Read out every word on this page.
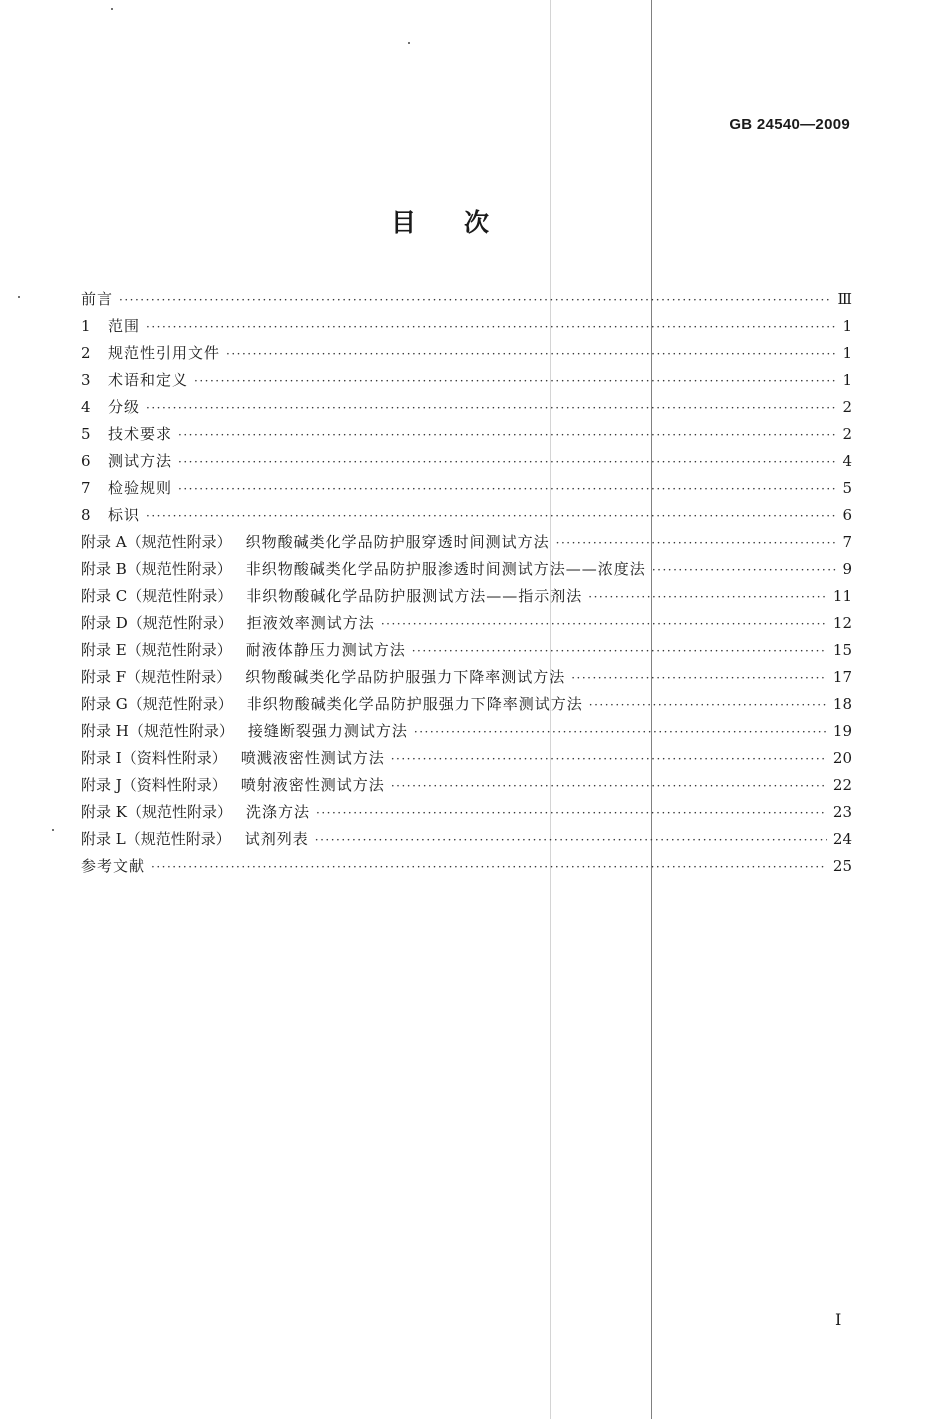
GB 24540—2009
目次
前言 ·····	Ⅲ
1	范围 ·····	1
2	规范性引用文件 ·····	1
3	术语和定义 ·····	1
4	分级 ·····	2
5	技术要求 ·····	2
6	测试方法 ·····	4
7	检验规则 ·····	5
8	标识 ·····	6
附录 A（规范性附录） 织物酸碱类化学品防护服穿透时间测试方法 ·····	7
附录 B（规范性附录） 非织物酸碱类化学品防护服渗透时间测试方法——浓度法 ·····	9
附录 C（规范性附录） 非织物酸碱化学品防护服测试方法——指示剂法 ·····	11
附录 D（规范性附录） 拒液效率测试方法 ·····	12
附录 E（规范性附录） 耐液体静压力测试方法 ·····	15
附录 F（规范性附录） 织物酸碱类化学品防护服强力下降率测试方法 ·····	17
附录 G（规范性附录） 非织物酸碱类化学品防护服强力下降率测试方法 ·····	18
附录 H（规范性附录） 接缝断裂强力测试方法 ·····	19
附录 I（资料性附录） 喷溅液密性测试方法 ·····	20
附录 J（资料性附录） 喷射液密性测试方法 ·····	22
附录 K（规范性附录） 洗涤方法 ·····	23
附录 L（规范性附录） 试剂列表 ·····	24
参考文献 ·····	25
I
